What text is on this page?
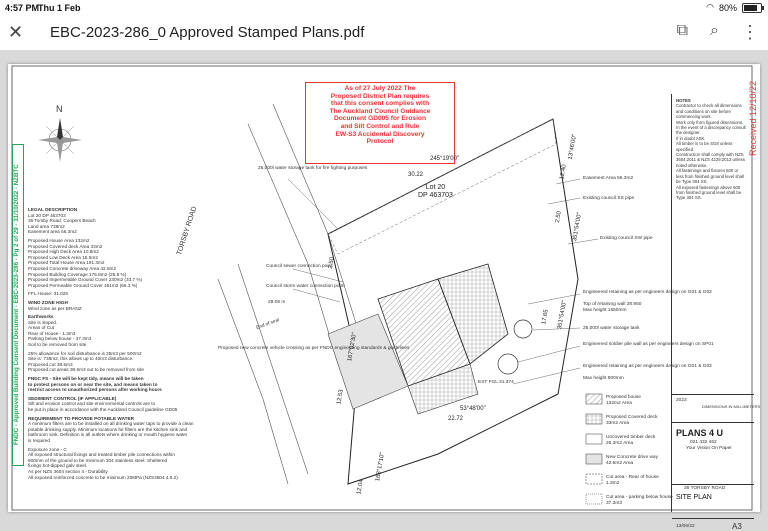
4:57 PM
Thu 1 Feb	◠ 80%
✕ EBC-2023-286_0 Approved Stamped Plans.pdf	⧉ ⌕ ⋮
FNDC - Approved Building Consent Document - EBC-2023-286 - Pg 2 of 29 - 31/10/2022 - NZBTC
Received 12/10/22
As of 27 July 2022 The
Proposed District Plan requires
that this consent complies with
The Auckland Council Guidance
Document GD005 for Erosion
and Silt Control and Rule
EW-S3 Accidental Discovery
Protocol
LEGAL DESCRIPTION
Lot 20 DP 463703
36 Torsby Road, Coopers Beach
Land area 738m2
Easement area 56.3m2
Proposed House Area 132m2
Proposed Covered deck Area 33m2
Proposed High Deck Area 10.8m2
Proposed Low Deck Area 15.5m2
Proposed Total House Area 191.3m2
Proposed Concrete driveway Area 42.6m2
Proposed Building Coverage 175.8m2 (25.8 %)
Proposed Impermeable Ground Cover 230m2 (33.7 %)
Proposed Permeable Ground Cover 451m2 (66.3 %)
FFL House: 31.025
WIND ZONE HIGH
Wind zone as per BRANZ
Earthworks
Site is sloped.
Areas of Cut
Rear of House - 1.3m3
Parking below house - 37.3m3
Soil to be removed from site
25% allowance for soil disturbance is 25m3 per 500m2
Site is: 738m2, this allows up to 40m3 disturbance.
Proposed cut 38.6m3
Proposed cut areas 38.6m3 out to be removed from site
FNDC FS - Site will be kept tidy, means will be taken
to protect persons on or near the site, and means taken to
restrict access to unauthorized persons after working hours
SEDIMENT CONTROL (IF APPLICABLE)
Silt and erosion control and site environmental controls are to
be put in place in accordance with the Auckland Council guideline GD05
REQUIREMENT TO PROVIDE POTABLE WATER
A minimum filters are to be installed on all drinking water taps to provide a clean
potable drinking supply. Minimum locations for filters are the kitchen sink and
bathroom sink. Definition is all outlets where drinking or mouth hygiene water
is required
Exposure zone - C
All exposed structural fixings and treated timber pile connections within
600mm of the ground to be minimum 304 stainless steel. Sheltered
fixings hot-dipped galv steel.
As per NZS 3604 section 4 - Durability
All exposed reinforced concrete to be minimum 20MPa (NZS3604 4.5.2).
TORSBY ROAD
Lot 20
DP 463703
30.22
245°19'00"
12.40
13°46'00"
2.50 351°54'00"
17.65 351°54'00"
22.72
53°48'00"
12.53
167°02'30"
12.04
168°17'10"
2.50
25,000l water storage tank for fire fighting purposes
Council sewer connection point
Council storm water connection point
29.06 m
Proposed new concrete vehicle crossing as per FNDC engineering standards & guidelines
End of seal
Easement Area 56.3m2
Existing council SS pipe
Existing council SW pipe
Engineered retaining as per engineers design on G01 & G02
Top of retaining wall 28.950
Max height 1650mm
25,000l water storage tank
Engineered soldier pile wall as per engineers design on SP01
Engineered retaining as per engineers design on G01 & G02
Max height 900mm
EST FGL 31.374
N
Proposed house
132m2 Area
Proposed Covered deck
33m2 Area
Uncovered timber deck
26.3m2 Area
New Concrete drive way
42.6m2 Area
Cut area - Rear of house
1.3m2
Cut area - parking below house
37.3m3
NOTES
Contractor to check all dimensions and conditions on site before commencing work.
Work only from figured dimensions.
In the event of a discrepancy consult the designer.
If in doubt ASK.
All timber is to be SG8 unless specified.
Construction shall comply with NZS 3604:2011 & NZS 4229:2013 unless noted otherwise.
All fastenings and fixtures 600 or less from finished ground level shall be Type 304 SS.
All exposed fastenings above 600 from finished ground level shall be Type 304 SS.
2023
DIMENSIONS IN MILLIMETERS
PLANS 4 U
021 432 462
Your Vision On Paper
36 TORSBY ROAD
SITE PLAN
13/06/22	A3
